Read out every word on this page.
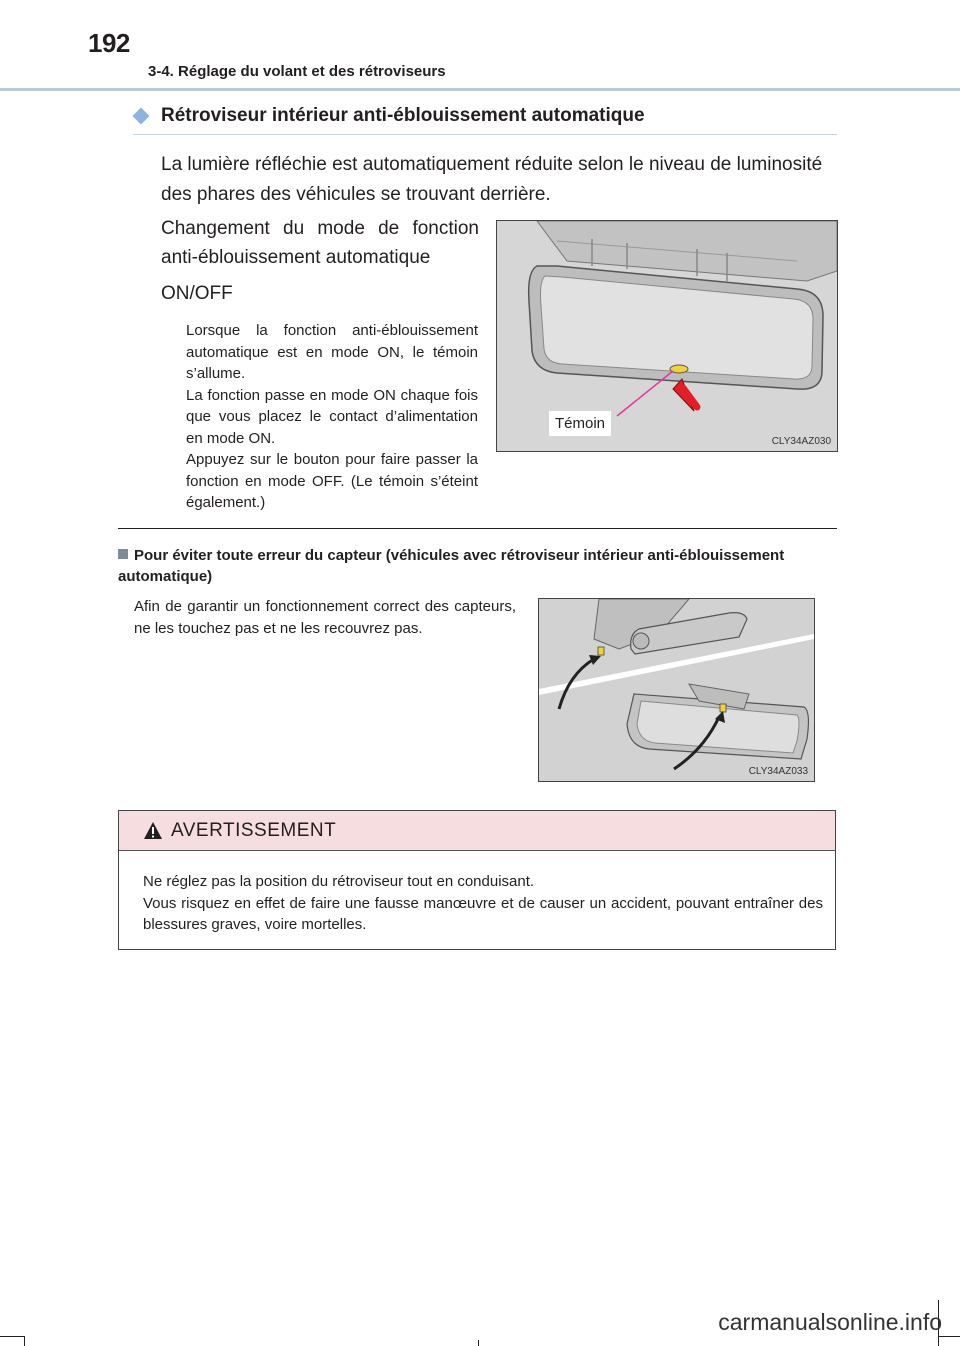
192
3-4. Réglage du volant et des rétroviseurs
Rétroviseur intérieur anti-éblouissement automatique
La lumière réfléchie est automatiquement réduite selon le niveau de luminosité des phares des véhicules se trouvant derrière.
Changement du mode de fonction anti-éblouissement automatique
ON/OFF

Lorsque la fonction anti-éblouissement automatique est en mode ON, le témoin s’allume.

La fonction passe en mode ON chaque fois que vous placez le contact d’alimentation en mode ON.

Appuyez sur le bouton pour faire passer la fonction en mode OFF. (Le témoin s’éteint également.)

Témoin
CLY34AZ030
Pour éviter toute erreur du capteur (véhicules avec rétroviseur intérieur anti-éblouissement automatique)
Afin de garantir un fonctionnement correct des capteurs, ne les touchez pas et ne les recouvrez pas.
CLY34AZ033
AVERTISSEMENT

Ne réglez pas la position du rétroviseur tout en conduisant.

Vous risquez en effet de faire une fausse manœuvre et de causer un accident, pouvant entraîner des blessures graves, voire mortelles.

carmanualsonline.info
